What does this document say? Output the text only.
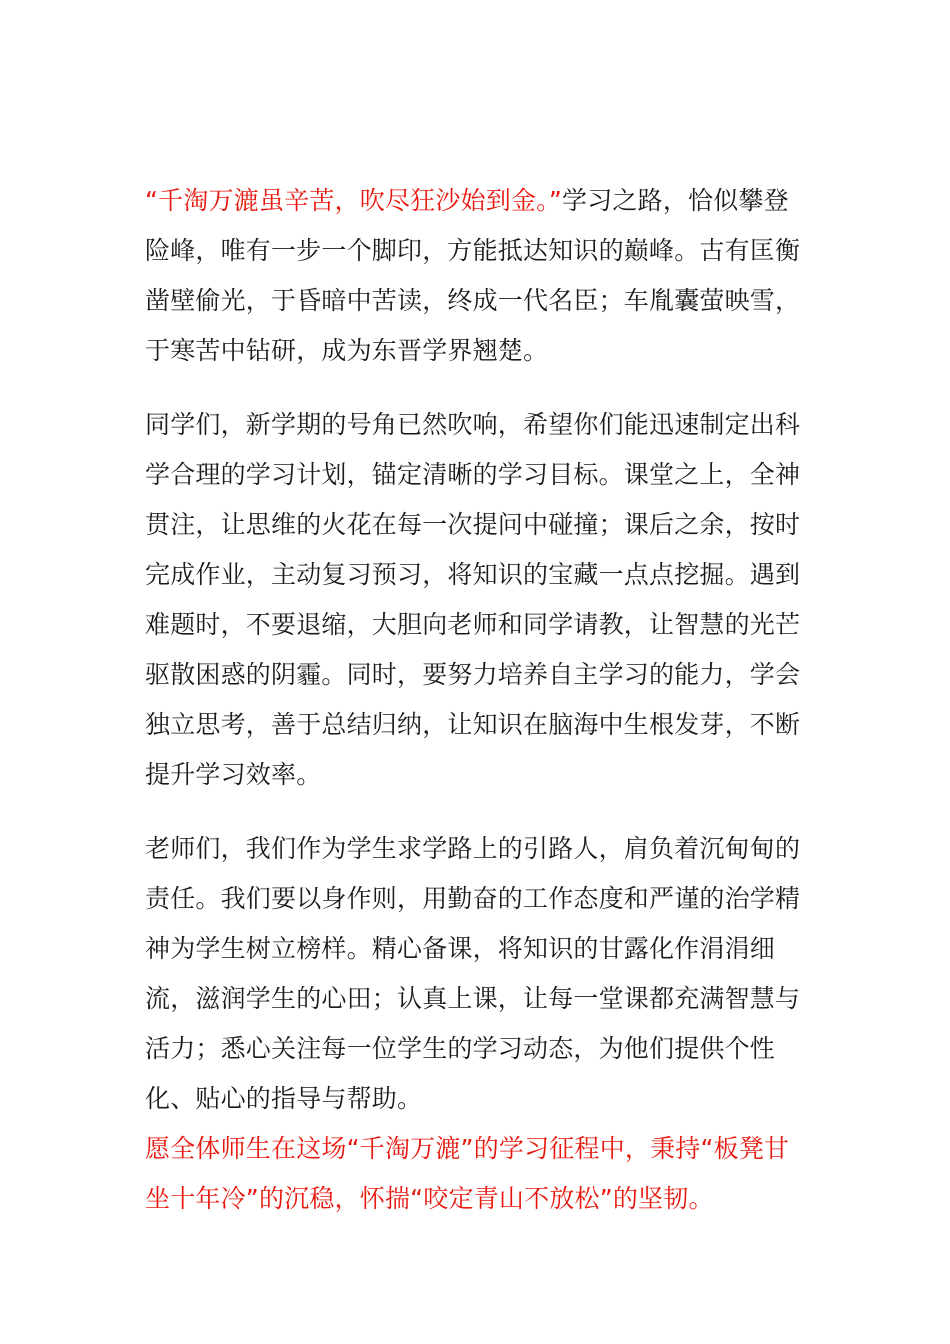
“千淘万漉虽辛苦，吹尽狂沙始到金。”学习之路，恰似攀登险峰，唯有一步一个脚印，方能抵达知识的巅峰。古有匡衡凿壁偷光，于昏暗中苦读，终成一代名臣；车胤囊萤映雪，于寒苦中钻研，成为东晋学界翘楚。

同学们，新学期的号角已然吹响，希望你们能迅速制定出科学合理的学习计划，锚定清晰的学习目标。课堂之上，全神贯注，让思维的火花在每一次提问中碰撞；课后之余，按时完成作业，主动复习预习，将知识的宝藏一点点挖掘。遇到难题时，不要退缩，大胆向老师和同学请教，让智慧的光芒驱散困惑的阴霾。同时，要努力培养自主学习的能力，学会独立思考，善于总结归纳，让知识在脑海中生根发芽，不断提升学习效率。

老师们，我们作为学生求学路上的引路人，肩负着沉甸甸的责任。我们要以身作则，用勤奋的工作态度和严谨的治学精神为学生树立榜样。精心备课，将知识的甘露化作涓涓细流，滋润学生的心田；认真上课，让每一堂课都充满智慧与活力；悉心关注每一位学生的学习动态，为他们提供个性化、贴心的指导与帮助。

愿全体师生在这场“千淘万漉”的学习征程中，秉持“板凳甘坐十年冷”的沉稳，怀揣“咬定青山不放松”的坚韧。
